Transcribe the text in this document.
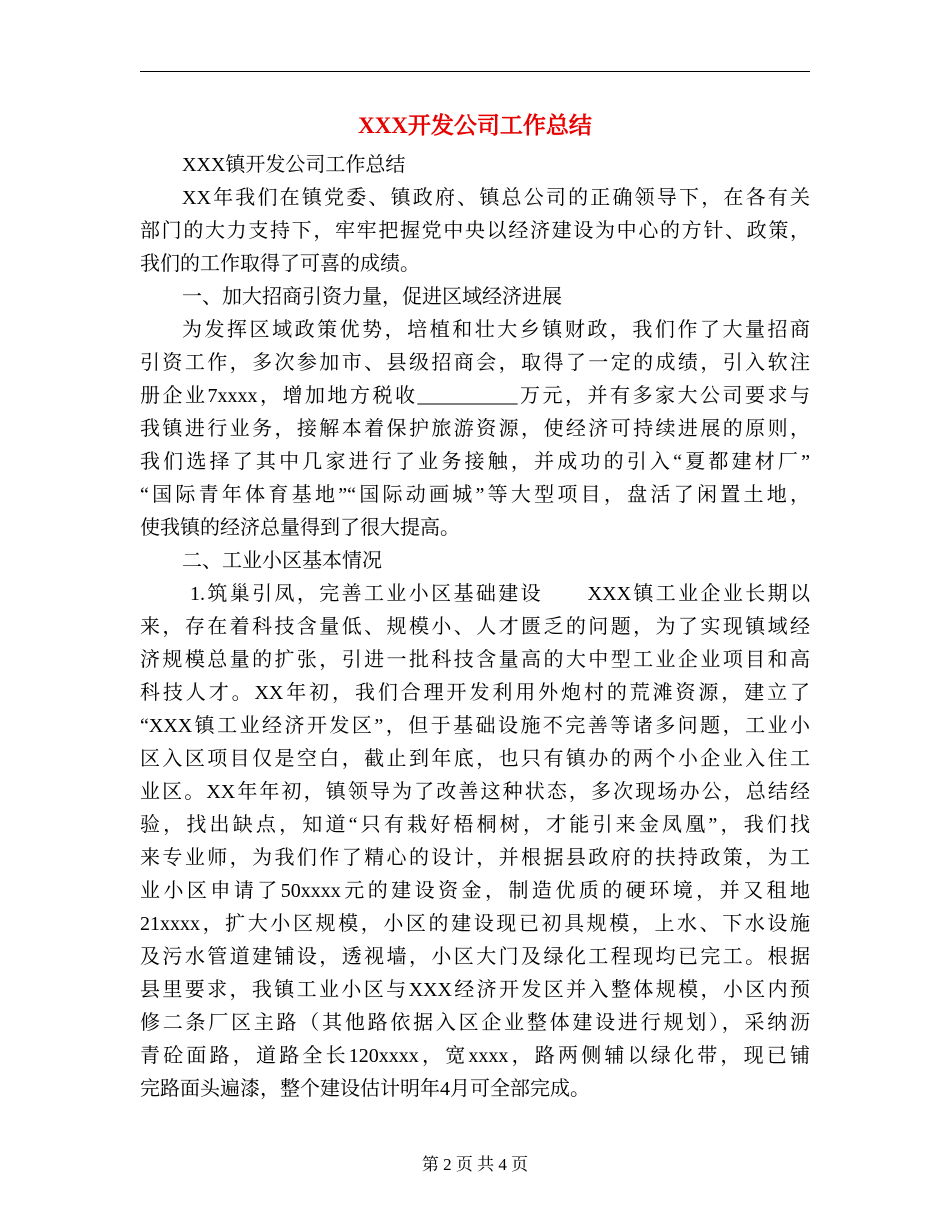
XXX开发公司工作总结
XXX镇开发公司工作总结
XX年我们在镇党委、镇政府、镇总公司的正确领导下，在各有关
部门的大力支持下，牢牢把握党中央以经济建设为中心的方针、政策，
我们的工作取得了可喜的成绩。
一、加大招商引资力量，促进区域经济进展
为发挥区域政策优势，培植和壮大乡镇财政，我们作了大量招商
引资工作，多次参加市、县级招商会，取得了一定的成绩，引入软注
册企业7xxxx，增加地方税收__________万元，并有多家大公司要求与
我镇进行业务，接解本着保护旅游资源，使经济可持续进展的原则，
我们选择了其中几家进行了业务接触，并成功的引入“夏都建材厂”
“国际青年体育基地”“国际动画城”等大型项目，盘活了闲置土地，
使我镇的经济总量得到了很大提高。
二、工业小区基本情况
1.筑巢引凤，完善工业小区基础建设　　XXX镇工业企业长期以
来，存在着科技含量低、规模小、人才匮乏的问题，为了实现镇域经
济规模总量的扩张，引进一批科技含量高的大中型工业企业项目和高
科技人才。XX年初，我们合理开发利用外炮村的荒滩资源，建立了
“XXX镇工业经济开发区”，但于基础设施不完善等诸多问题，工业小
区入区项目仅是空白，截止到年底，也只有镇办的两个小企业入住工
业区。XX年年初，镇领导为了改善这种状态，多次现场办公，总结经
验，找出缺点，知道“只有栽好梧桐树，才能引来金凤凰”，我们找
来专业师，为我们作了精心的设计，并根据县政府的扶持政策，为工
业小区申请了50xxxx元的建设资金，制造优质的硬环境，并又租地
21xxxx，扩大小区规模，小区的建设现已初具规模，上水、下水设施
及污水管道建铺设，透视墙，小区大门及绿化工程现均已完工。根据
县里要求，我镇工业小区与XXX经济开发区并入整体规模，小区内预
修二条厂区主路（其他路依据入区企业整体建设进行规划），采纳沥
青砼面路，道路全长120xxxx，宽xxxx，路两侧辅以绿化带，现已铺
完路面头遍漆，整个建设估计明年4月可全部完成。
第 2 页 共 4 页
